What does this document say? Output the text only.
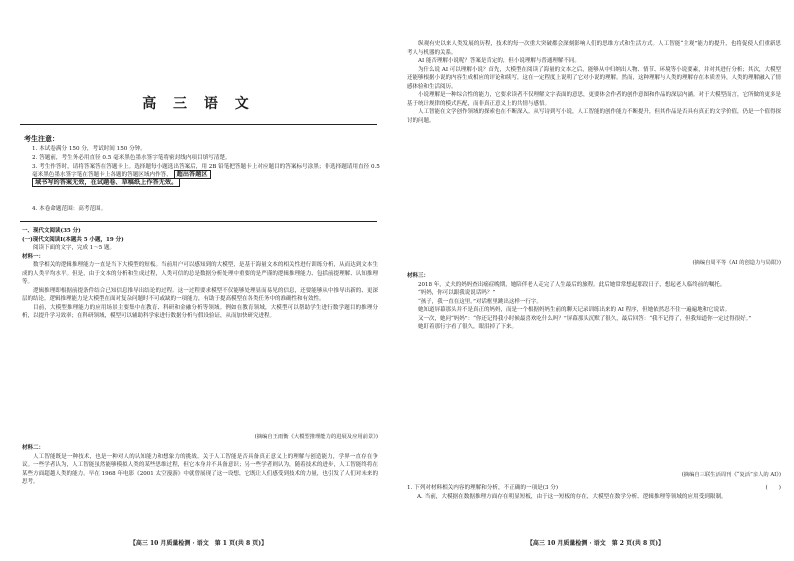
高 三 语 文
考生注意：
1. 本试卷满分 150 分，考试时间 150 分钟。
2. 答题前，考生务必用直径 0.5 毫米黑色墨水签字笔将密封线内项目填写清楚。
3. 考生作答时，请将答案答在答题卡上。选择题每小题选出答案后，用 2B 铅笔把答题卡上对应题目的答案标号涂黑；非选择题请用直径 0.5 毫米黑色墨水签字笔在答题卡上各题的答题区域内作答， 超出答题区
域书写的答案无效，在试题卷、草稿纸上作答无效。
4. 本卷命题范围：高考范围。

一、现代文阅读(35 分)

(一)现代文阅读Ⅰ(本题共 5 小题，19 分)

阅读下面的文字，完成 1～5 题。

材料一：

数学相关的逻辑推理能力一直是当下大模型的短板。当前用户可以感知到的大模型，是基于海量文本的相关性进行训练分析，从而达到文本生成的人类平均水平。但是，由于文本的分析和生成过程，人类可信的总是数据分析处理中重要的是严谨的逻辑推理能力、包括前提理解、认知推理等。

逻辑推理即根据前提条件结合已知信息推导出结论的过程。这一过程要求模型不仅能够处理显而易见的信息，还要能够从中推导出新的、更深层的结论。逻辑推理能力是大模型在面对复杂问题时不可或缺的一项能力，有助于提高模型在各类任务中的准确性和有效性。

目前，大模型推理能力的应用场景主要集中在教育、科研和金融分析等领域。例如在教育领域，大模型可以帮助学生进行数学题目的推理分析，以提升学习效率；在科研领域，模型可以辅助科学家进行数据分析与假设验证，从而加快研究进程。

(摘编自王雨衡《大模型推理能力的进展及应用前景》)

材料二：

人工智能既是一种技术，也是一种对人的认知能力和想象力的挑战。关于人工智能是否具备真正意义上的理解与创造能力，学界一直存在争议。一些学者认为，人工智能虽然能够模拟人类的某些思维过程，但它本身并不具备意识；另一些学者则认为，随着技术的进步，人工智能终将在某些方面超越人类的能力。早在 1968 年电影《2001 太空漫游》中就曾展现了这一设想，它既让人们感受到技术的力量，也引发了人们对未来的思考。

【高三 10 月质量检测 · 语文　第 1 页(共 8 页)】

纵观有史以来人类发展的历程，技术的每一次重大突破都会深刻影响人们的思维方式和生活方式。人工智能“主观”能力的提升，也将促使人们重新思考人与机器的关系。

AI 能否理解小说呢？答案是肯定的，但小说理解与普通理解不同。

为什么说 AI 可以理解小说？首先，大模型在阅读了海量的文本之后，能够从中归纳出人物、情节、环境等小说要素，并对其进行分析；其次，大模型还能够根据小说的内容生成相应的评论和续写，这在一定程度上说明了它对小说的理解。然而，这种理解与人类的理解存在本质差异，人类的理解融入了情感体验和生活阅历。

小说理解是一种综合性的能力，它要求读者不仅理解文字表面的意思，更要体会作者的创作意图和作品的深层内涵。对于大模型而言，它所做的更多是基于统计规律的模式匹配，而非真正意义上的共情与感悟。

人工智能在文学创作领域的探索也在不断深入。从写诗到写小说，人工智能的创作能力不断提升，但其作品是否具有真正的文学价值，仍是一个值得探讨的问题。

(摘编自周平等《AI 的创造力与局限》)

材料三：

2018 年，丈夫的妈妈查出癌症晚期，她陪伴老人走完了人生最后的旅程。此后她常常想起那段日子，想起老人临终前的嘱托。

“妈妈，你可以跟我说说话吗？”

“孩子，我一直在这里。”对话框里跳出这样一行字。

她知道屏幕那头并不是真正的妈妈，而是一个根据妈妈生前的聊天记录训练出来的 AI 程序，但她依然忍不住一遍遍地和它说话。

又一次，她问“妈妈”：“你还记得我小时候最喜欢吃什么吗？”屏幕那头沉默了很久，最后回答：“我不记得了，但我知道你一定过得很好。”

她盯着那行字看了很久，眼泪掉了下来。

(摘编自三联生活周刊《“复活”亲人的 AI》)

1. 下列对材料相关内容的理解和分析，不正确的一项是(3 分)	(　　)

A. 当前，大模据在数据推理方面存在明显短板，由于这一短板的存在，大模型在数学分析、逻辑推理等领域的应用受到限制。

【高三 10 月质量检测 · 语文　第 2 页(共 8 页)】
